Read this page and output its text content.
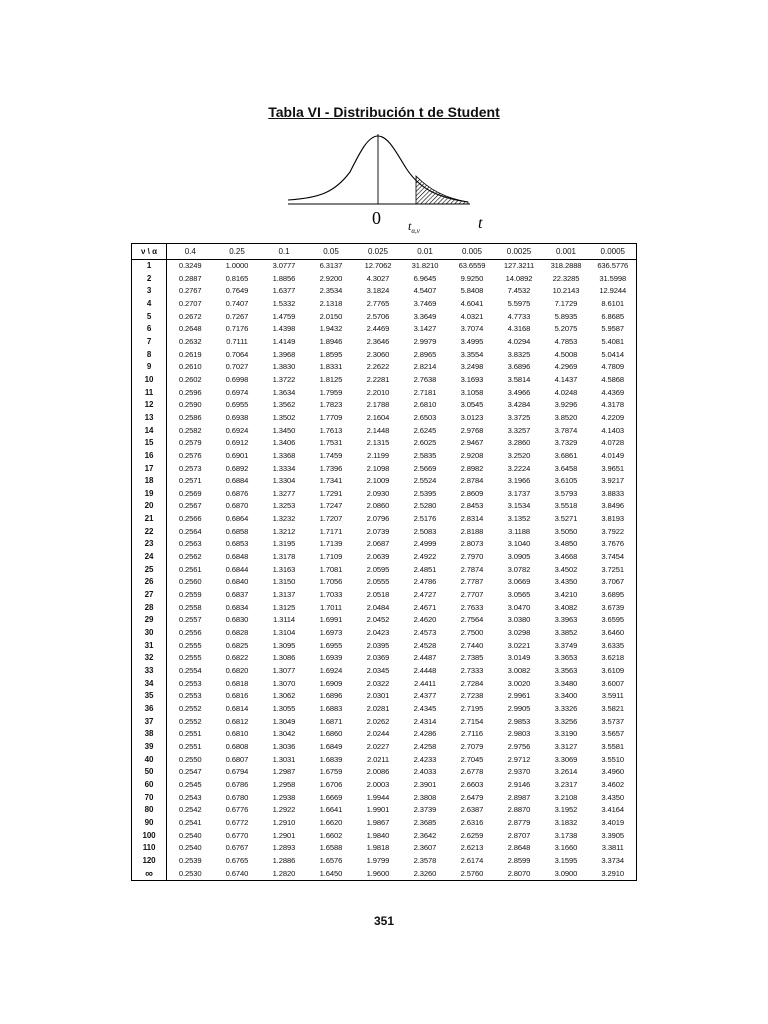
Tabla VI - Distribución t de Student
0 $t_{\alpha,\nu}$	t
ν \ α	0.4	0.25	0.1	0.05	0.025	0.01	0.005	0.0025	0.001	0.0005
1	0.3249	1.0000	3.0777	6.3137	12.7062	31.8210	63.6559	127.3211	318.2888	636.5776
2	0.2887	0.8165	1.8856	2.9200	4.3027	6.9645	9.9250	14.0892	22.3285	31.5998
3	0.2767	0.7649	1.6377	2.3534	3.1824	4.5407	5.8408	7.4532	10.2143	12.9244
4	0.2707	0.7407	1.5332	2.1318	2.7765	3.7469	4.6041	5.5975	7.1729	8.6101
5	0.2672	0.7267	1.4759	2.0150	2.5706	3.3649	4.0321	4.7733	5.8935	6.8685
6	0.2648	0.7176	1.4398	1.9432	2.4469	3.1427	3.7074	4.3168	5.2075	5.9587
7	0.2632	0.7111	1.4149	1.8946	2.3646	2.9979	3.4995	4.0294	4.7853	5.4081
8	0.2619	0.7064	1.3968	1.8595	2.3060	2.8965	3.3554	3.8325	4.5008	5.0414
9	0.2610	0.7027	1.3830	1.8331	2.2622	2.8214	3.2498	3.6896	4.2969	4.7809
10	0.2602	0.6998	1.3722	1.8125	2.2281	2.7638	3.1693	3.5814	4.1437	4.5868
11	0.2596	0.6974	1.3634	1.7959	2.2010	2.7181	3.1058	3.4966	4.0248	4.4369
12	0.2590	0.6955	1.3562	1.7823	2.1788	2.6810	3.0545	3.4284	3.9296	4.3178
13	0.2586	0.6938	1.3502	1.7709	2.1604	2.6503	3.0123	3.3725	3.8520	4.2209
14	0.2582	0.6924	1.3450	1.7613	2.1448	2.6245	2.9768	3.3257	3.7874	4.1403
15	0.2579	0.6912	1.3406	1.7531	2.1315	2.6025	2.9467	3.2860	3.7329	4.0728
16	0.2576	0.6901	1.3368	1.7459	2.1199	2.5835	2.9208	3.2520	3.6861	4.0149
17	0.2573	0.6892	1.3334	1.7396	2.1098	2.5669	2.8982	3.2224	3.6458	3.9651
18	0.2571	0.6884	1.3304	1.7341	2.1009	2.5524	2.8784	3.1966	3.6105	3.9217
19	0.2569	0.6876	1.3277	1.7291	2.0930	2.5395	2.8609	3.1737	3.5793	3.8833
20	0.2567	0.6870	1.3253	1.7247	2.0860	2.5280	2.8453	3.1534	3.5518	3.8496
21	0.2566	0.6864	1.3232	1.7207	2.0796	2.5176	2.8314	3.1352	3.5271	3.8193
22	0.2564	0.6858	1.3212	1.7171	2.0739	2.5083	2.8188	3.1188	3.5050	3.7922
23	0.2563	0.6853	1.3195	1.7139	2.0687	2.4999	2.8073	3.1040	3.4850	3.7676
24	0.2562	0.6848	1.3178	1.7109	2.0639	2.4922	2.7970	3.0905	3.4668	3.7454
25	0.2561	0.6844	1.3163	1.7081	2.0595	2.4851	2.7874	3.0782	3.4502	3.7251
26	0.2560	0.6840	1.3150	1.7056	2.0555	2.4786	2.7787	3.0669	3.4350	3.7067
27	0.2559	0.6837	1.3137	1.7033	2.0518	2.4727	2.7707	3.0565	3.4210	3.6895
28	0.2558	0.6834	1.3125	1.7011	2.0484	2.4671	2.7633	3.0470	3.4082	3.6739
29	0.2557	0.6830	1.3114	1.6991	2.0452	2.4620	2.7564	3.0380	3.3963	3.6595
30	0.2556	0.6828	1.3104	1.6973	2.0423	2.4573	2.7500	3.0298	3.3852	3.6460
31	0.2555	0.6825	1.3095	1.6955	2.0395	2.4528	2.7440	3.0221	3.3749	3.6335
32	0.2555	0.6822	1.3086	1.6939	2.0369	2.4487	2.7385	3.0149	3.3653	3.6218
33	0.2554	0.6820	1.3077	1.6924	2.0345	2.4448	2.7333	3.0082	3.3563	3.6109
34	0.2553	0.6818	1.3070	1.6909	2.0322	2.4411	2.7284	3.0020	3.3480	3.6007
35	0.2553	0.6816	1.3062	1.6896	2.0301	2.4377	2.7238	2.9961	3.3400	3.5911
36	0.2552	0.6814	1.3055	1.6883	2.0281	2.4345	2.7195	2.9905	3.3326	3.5821
37	0.2552	0.6812	1.3049	1.6871	2.0262	2.4314	2.7154	2.9853	3.3256	3.5737
38	0.2551	0.6810	1.3042	1.6860	2.0244	2.4286	2.7116	2.9803	3.3190	3.5657
39	0.2551	0.6808	1.3036	1.6849	2.0227	2.4258	2.7079	2.9756	3.3127	3.5581
40	0.2550	0.6807	1.3031	1.6839	2.0211	2.4233	2.7045	2.9712	3.3069	3.5510
50	0.2547	0.6794	1.2987	1.6759	2.0086	2.4033	2.6778	2.9370	3.2614	3.4960
60	0.2545	0.6786	1.2958	1.6706	2.0003	2.3901	2.6603	2.9146	3.2317	3.4602
70	0.2543	0.6780	1.2938	1.6669	1.9944	2.3808	2.6479	2.8987	3.2108	3.4350
80	0.2542	0.6776	1.2922	1.6641	1.9901	2.3739	2.6387	2.8870	3.1952	3.4164
90	0.2541	0.6772	1.2910	1.6620	1.9867	2.3685	2.6316	2.8779	3.1832	3.4019
100	0.2540	0.6770	1.2901	1.6602	1.9840	2.3642	2.6259	2.8707	3.1738	3.3905
110	0.2540	0.6767	1.2893	1.6588	1.9818	2.3607	2.6213	2.8648	3.1660	3.3811
120	0.2539	0.6765	1.2886	1.6576	1.9799	2.3578	2.6174	2.8599	3.1595	3.3734
∞	0.2530	0.6740	1.2820	1.6450	1.9600	2.3260	2.5760	2.8070	3.0900	3.2910
351
